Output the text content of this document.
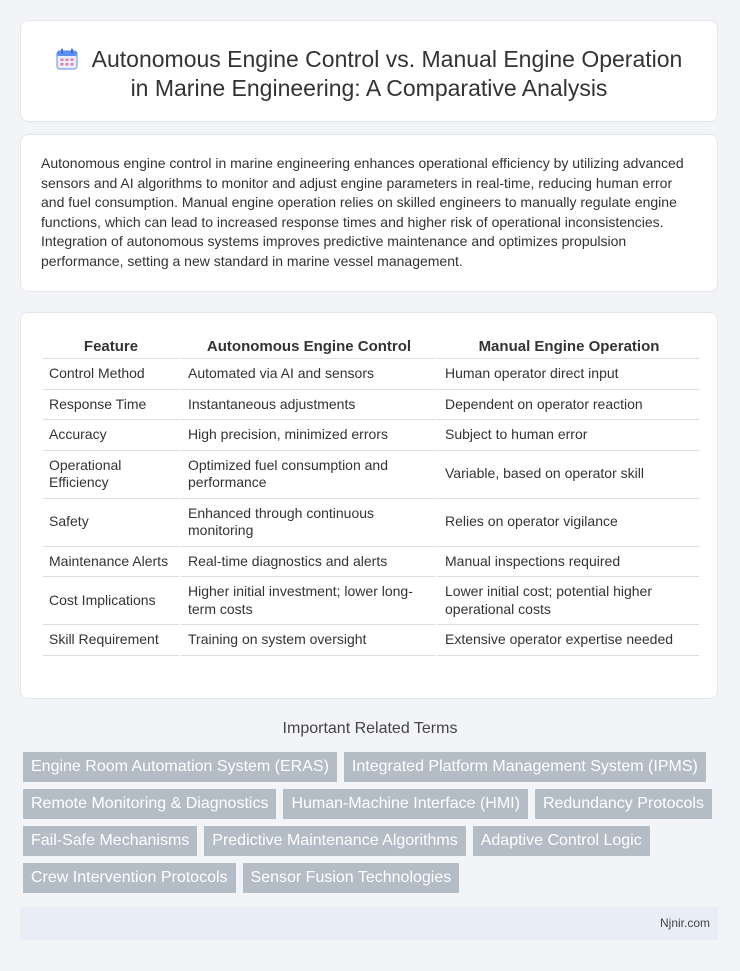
Autonomous Engine Control vs. Manual Engine Operation in Marine Engineering: A Comparative Analysis

Autonomous engine control in marine engineering enhances operational efficiency by utilizing advanced sensors and AI algorithms to monitor and adjust engine parameters in real-time, reducing human error and fuel consumption. Manual engine operation relies on skilled engineers to manually regulate engine functions, which can lead to increased response times and higher risk of operational inconsistencies. Integration of autonomous systems improves predictive maintenance and optimizes propulsion performance, setting a new standard in marine vessel management.

Feature	Autonomous Engine Control	Manual Engine Operation
Control Method	Automated via AI and sensors	Human operator direct input
Response Time	Instantaneous adjustments	Dependent on operator reaction
Accuracy	High precision, minimized errors	Subject to human error
Operational Efficiency	Optimized fuel consumption and performance	Variable, based on operator skill
Safety	Enhanced through continuous monitoring	Relies on operator vigilance
Maintenance Alerts	Real-time diagnostics and alerts	Manual inspections required
Cost Implications	Higher initial investment; lower long-term costs	Lower initial cost; potential higher operational costs
Skill Requirement	Training on system oversight	Extensive operator expertise needed
Important Related Terms
Engine Room Automation System (ERAS)	Integrated Platform Management System (IPMS)
Remote Monitoring & Diagnostics	Human-Machine Interface (HMI)	Redundancy Protocols
Fail-Safe Mechanisms	Predictive Maintenance Algorithms	Adaptive Control Logic
Crew Intervention Protocols	Sensor Fusion Technologies
Njnir.com
